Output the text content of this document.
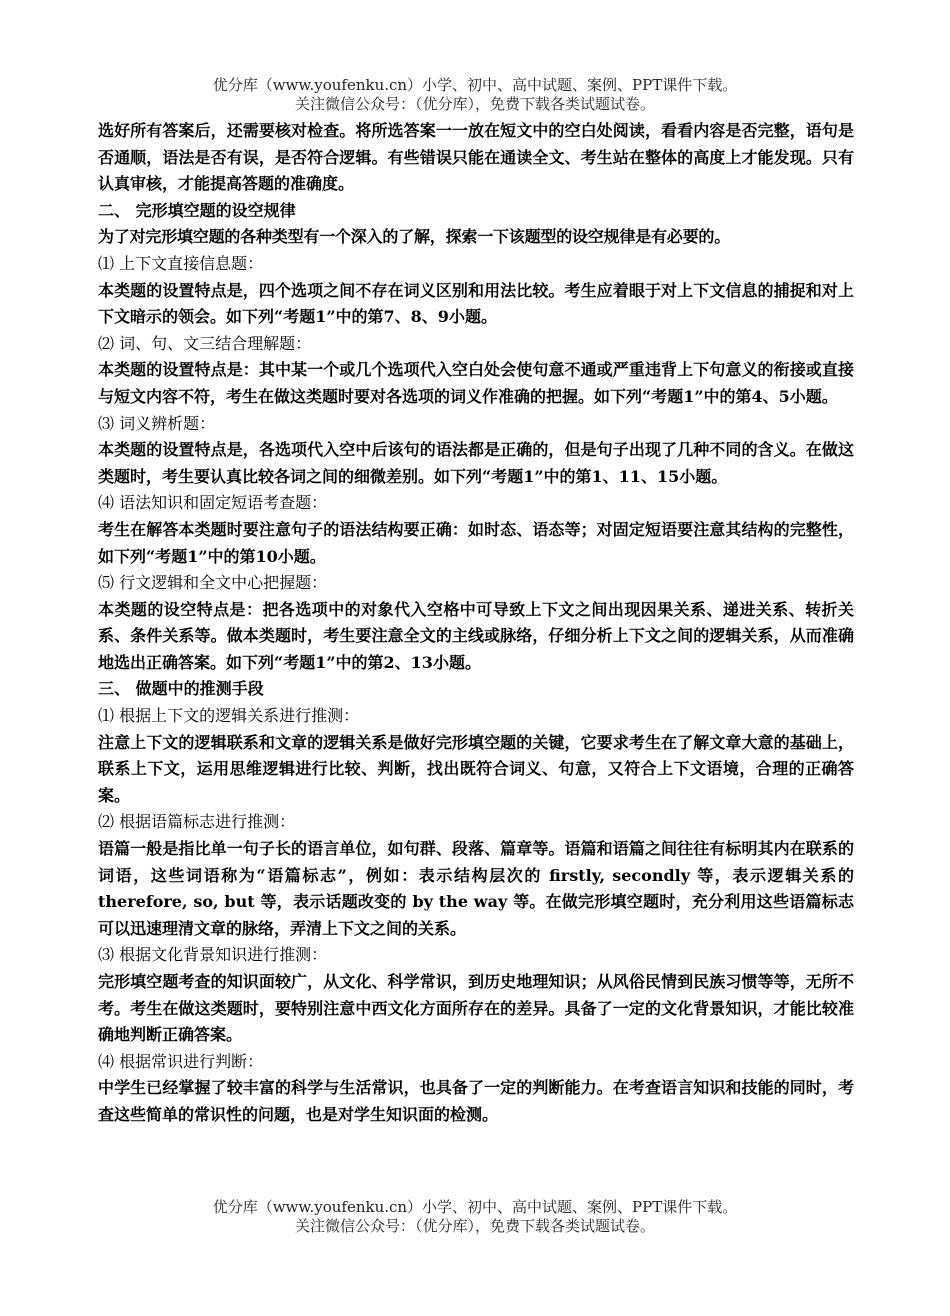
优分库（www.youfenku.cn）小学、初中、高中试题、案例、PPT课件下载。
关注微信公众号：（优分库），免费下载各类试题试卷。

选好所有答案后，还需要核对检查。将所选答案一一放在短文中的空白处阅读，看看内容是否完整，语句是否通顺，语法是否有误，是否符合逻辑。有些错误只能在通读全文、考生站在整体的高度上才能发现。只有认真审核，才能提高答题的准确度。

二、 完形填空题的设空规律

为了对完形填空题的各种类型有一个深入的了解，探索一下该题型的设空规律是有必要的。

⑴ 上下文直接信息题：

本类题的设置特点是，四个选项之间不存在词义区别和用法比较。考生应着眼于对上下文信息的捕捉和对上下文暗示的领会。如下列“考题1”中的第7、8、9小题。

⑵ 词、句、文三结合理解题：

本类题的设置特点是：其中某一个或几个选项代入空白处会使句意不通或严重违背上下句意义的衔接或直接与短文内容不符，考生在做这类题时要对各选项的词义作准确的把握。如下列“考题1”中的第4、5小题。

⑶ 词义辨析题：

本类题的设置特点是，各选项代入空中后该句的语法都是正确的，但是句子出现了几种不同的含义。在做这类题时，考生要认真比较各词之间的细微差别。如下列“考题1”中的第1、11、15小题。

⑷ 语法知识和固定短语考查题：

考生在解答本类题时要注意句子的语法结构要正确：如时态、语态等；对固定短语要注意其结构的完整性，如下列“考题1”中的第10小题。

⑸ 行文逻辑和全文中心把握题：

本类题的设空特点是：把各选项中的对象代入空格中可导致上下文之间出现因果关系、递进关系、转折关系、条件关系等。做本类题时，考生要注意全文的主线或脉络，仔细分析上下文之间的逻辑关系，从而准确地选出正确答案。如下列“考题1”中的第2、13小题。

三、 做题中的推测手段

⑴ 根据上下文的逻辑关系进行推测：

注意上下文的逻辑联系和文章的逻辑关系是做好完形填空题的关键，它要求考生在了解文章大意的基础上，联系上下文，运用思维逻辑进行比较、判断，找出既符合词义、句意，又符合上下文语境，合理的正确答案。

⑵ 根据语篇标志进行推测：

语篇一般是指比单一句子长的语言单位，如句群、段落、篇章等。语篇和语篇之间往往有标明其内在联系的词语，这些词语称为“语篇标志”，例如：表示结构层次的 firstly, secondly 等，表示逻辑关系的 therefore, so, but 等，表示话题改变的 by the way 等。在做完形填空题时，充分利用这些语篇标志可以迅速理清文章的脉络，弄清上下文之间的关系。

⑶ 根据文化背景知识进行推测：

完形填空题考查的知识面较广，从文化、科学常识，到历史地理知识；从风俗民情到民族习惯等等，无所不考。考生在做这类题时，要特别注意中西文化方面所存在的差异。具备了一定的文化背景知识，才能比较准确地判断正确答案。

⑷ 根据常识进行判断：

中学生已经掌握了较丰富的科学与生活常识，也具备了一定的判断能力。在考查语言知识和技能的同时，考查这些简单的常识性的问题，也是对学生知识面的检测。

优分库（www.youfenku.cn）小学、初中、高中试题、案例、PPT课件下载。
关注微信公众号：（优分库），免费下载各类试题试卷。
